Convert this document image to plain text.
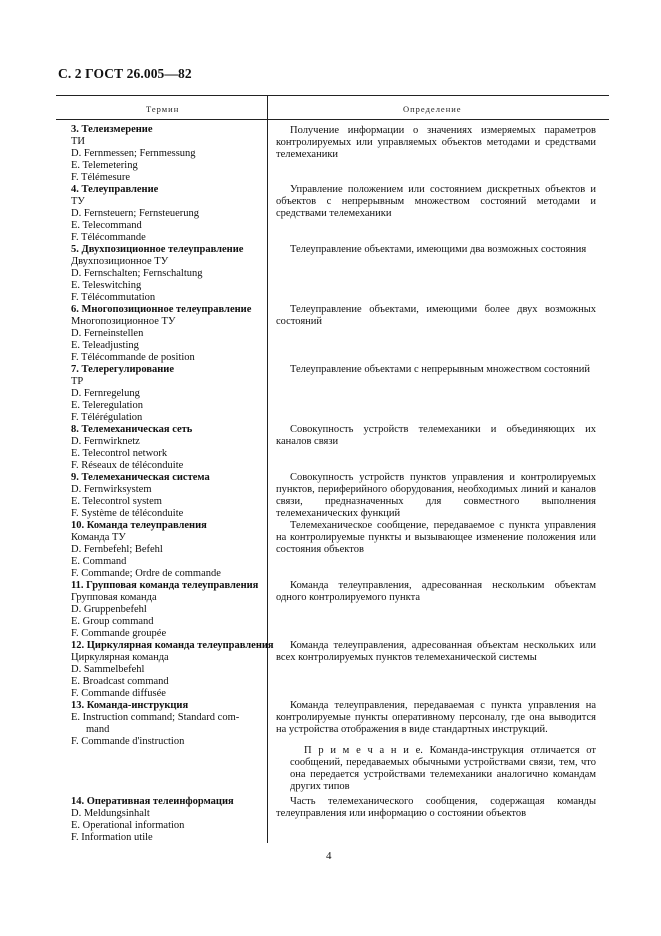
С. 2 ГОСТ 26.005—82
Термин	Определение
3. Телеизмерение
ТИ
D. Fernmessen; Fernmessung
E. Telemetering
F. Télémesure
Получение информации о значениях измеряемых параметров контролируемых или управляемых объектов методами и средствами телемеханики
4. Телеуправление
ТУ
D. Fernsteuern; Fernsteuerung
E. Telecommand
F. Télécommande
Управление положением или состоянием дискретных объектов и объектов с непрерывным множеством состояний методами и средствами телемеханики
5. Двухпозиционное телеуправление
Двухпозиционное ТУ
D. Fernschalten; Fernschaltung
E. Teleswitching
F. Télécommutation
Телеуправление объектами, имеющими два возможных состояния
6. Многопозиционное телеуправление
Многопозиционное ТУ
D. Ferneinstellen
E. Teleadjusting
F. Télécommande de position
Телеуправление объектами, имеющими более двух возможных состояний
7. Телерегулирование
ТР
D. Fernregelung
E. Teleregulation
F. Télérégulation
Телеуправление объектами с непрерывным множеством состояний
8. Телемеханическая сеть
D. Fernwirknetz
E. Telecontrol network
F. Réseaux de téléconduite
Совокупность устройств телемеханики и объединяющих их каналов связи
9. Телемеханическая система
D. Fernwirksystem
E. Telecontrol system
F. Système de téléconduite
Совокупность устройств пунктов управления и контролируемых пунктов, периферийного оборудования, необходимых линий и каналов связи, предназначенных для совместного выполнения телемеханических функций
10. Команда телеуправления
Команда ТУ
D. Fernbefehl; Befehl
E. Command
F. Commande; Ordre de commande
Телемеханическое сообщение, передаваемое с пункта управления на контролируемые пункты и вызывающее изменение положения или состояния объектов
11. Групповая команда телеуправления
Групповая команда
D. Gruppenbefehl
E. Group command
F. Commande groupée
Команда телеуправления, адресованная нескольким объектам одного контролируемого пункта
12. Циркулярная команда телеуправления
Циркулярная команда
D. Sammelbefehl
E. Broadcast command
F. Commande diffusée
Команда телеуправления, адресованная объектам нескольких или всех контролируемых пунктов телемеханической системы
13. Команда-инструкция
E. Instruction command; Standard com-
mand
F. Commande d'instruction
Команда телеуправления, передаваемая с пункта управления на контролируемые пункты оперативному персоналу, где она выводится на устройства отображения в виде стандартных инструкций.
П р и м е ч а н и е. Команда-инструкция отличается от сообщений, передаваемых обычными устройствами связи, тем, что она передается устройствами телемеханики аналогично командам других типов
14. Оперативная телеинформация
D. Meldungsinhalt
E. Operational information
F. Information utile
Часть телемеханического сообщения, содержащая команды телеуправления или информацию о состоянии объектов
4
